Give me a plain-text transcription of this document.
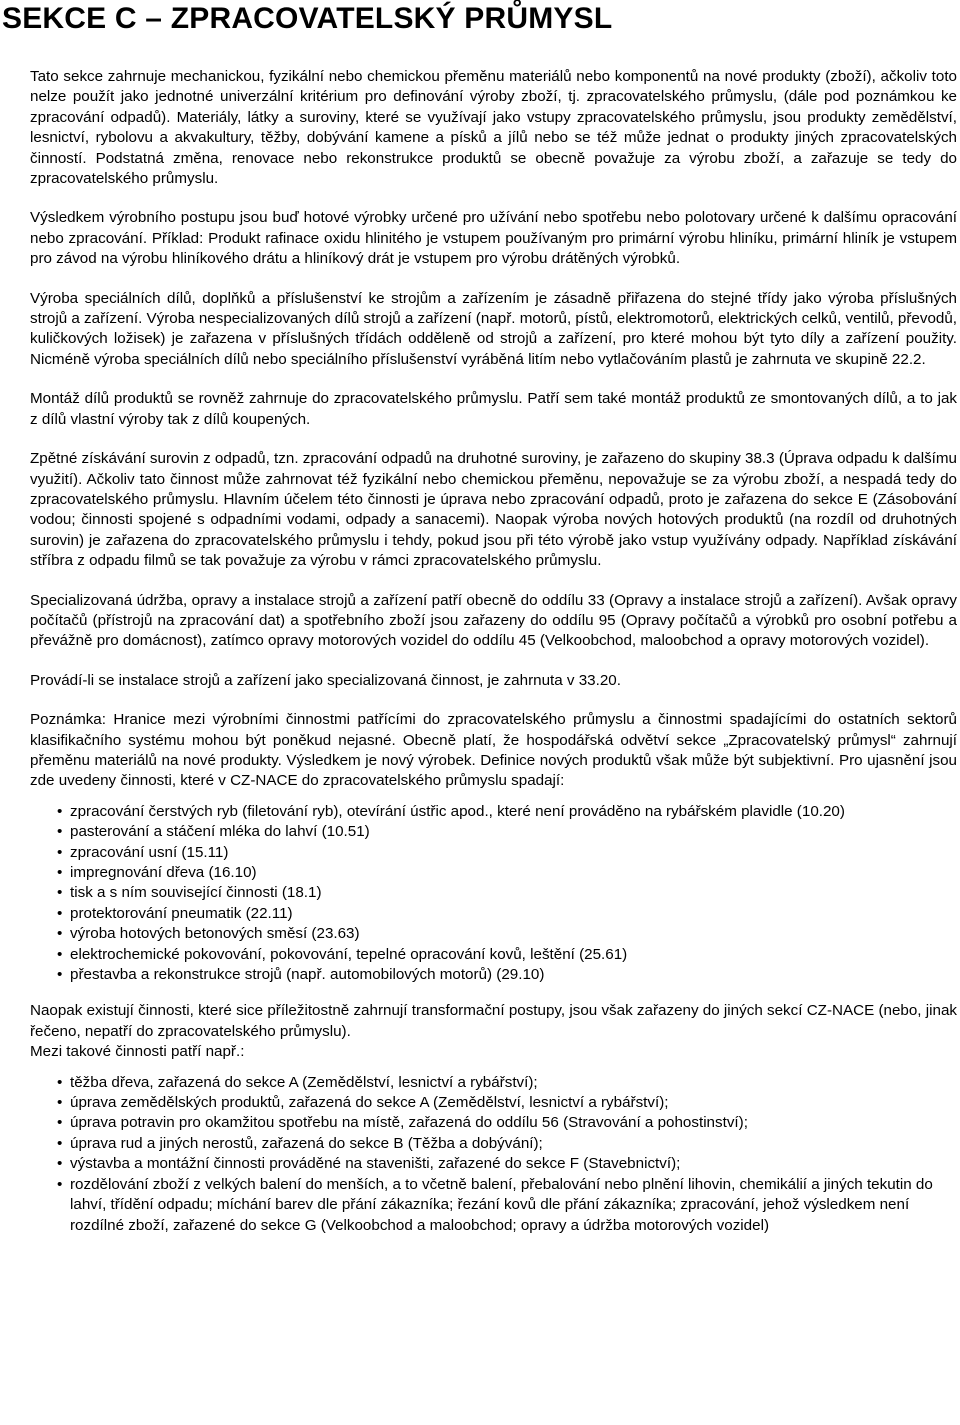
SEKCE C – ZPRACOVATELSKÝ PRŮMYSL

Tato sekce zahrnuje mechanickou, fyzikální nebo chemickou přeměnu materiálů nebo komponentů na nové produkty (zboží), ačkoliv toto nelze použít jako jednotné univerzální kritérium pro definování výroby zboží, tj. zpracovatelského průmyslu, (dále pod poznámkou ke zpracování odpadů). Materiály, látky a suroviny, které se využívají jako vstupy zpracovatelského průmyslu, jsou produkty zemědělství, lesnictví, rybolovu a akvakultury, těžby, dobývání kamene a písků a jílů nebo se též může jednat o produkty jiných zpracovatelských činností. Podstatná změna, renovace nebo rekonstrukce produktů se obecně považuje za výrobu zboží, a zařazuje se tedy do zpracovatelského průmyslu.

Výsledkem výrobního postupu jsou buď hotové výrobky určené pro užívání nebo spotřebu nebo polotovary určené k dalšímu opracování nebo zpracování. Příklad: Produkt rafinace oxidu hlinitého je vstupem používaným pro primární výrobu hliníku, primární hliník je vstupem pro závod na výrobu hliníkového drátu a hliníkový drát je vstupem pro výrobu drátěných výrobků.

Výroba speciálních dílů, doplňků a příslušenství ke strojům a zařízením je zásadně přiřazena do stejné třídy jako výroba příslušných strojů a zařízení. Výroba nespecializovaných dílů strojů a zařízení (např. motorů, pístů, elektromotorů, elektrických celků, ventilů, převodů, kuličkových ložisek) je zařazena v příslušných třídách odděleně od strojů a zařízení, pro které mohou být tyto díly a zařízení použity. Nicméně výroba speciálních dílů nebo speciálního příslušenství vyráběná litím nebo vytlačováním plastů je zahrnuta ve skupině 22.2.

Montáž dílů produktů se rovněž zahrnuje do zpracovatelského průmyslu. Patří sem také montáž produktů ze smontovaných dílů, a to jak z dílů vlastní výroby tak z dílů koupených.

Zpětné získávání surovin z odpadů, tzn. zpracování odpadů na druhotné suroviny, je zařazeno do skupiny 38.3 (Úprava odpadu k dalšímu využití). Ačkoliv tato činnost může zahrnovat též fyzikální nebo chemickou přeměnu, nepovažuje se za výrobu zboží, a nespadá tedy do zpracovatelského průmyslu. Hlavním účelem této činnosti je úprava nebo zpracování odpadů, proto je zařazena do sekce E (Zásobování vodou; činnosti spojené s odpadními vodami, odpady a sanacemi). Naopak výroba nových hotových produktů (na rozdíl od druhotných surovin) je zařazena do zpracovatelského průmyslu i tehdy, pokud jsou při této výrobě jako vstup využívány odpady. Například získávání stříbra z odpadu filmů se tak považuje za výrobu v rámci zpracovatelského průmyslu.

Specializovaná údržba, opravy a instalace strojů a zařízení patří obecně do oddílu 33 (Opravy a instalace strojů a zařízení). Avšak opravy počítačů (přístrojů na zpracování dat) a spotřebního zboží jsou zařazeny do oddílu 95 (Opravy počítačů a výrobků pro osobní potřebu a převážně pro domácnost), zatímco opravy motorových vozidel do oddílu 45 (Velkoobchod, maloobchod a opravy motorových vozidel).

Provádí-li se instalace strojů a zařízení jako specializovaná činnost, je zahrnuta v 33.20.

Poznámka: Hranice mezi výrobními činnostmi patřícími do zpracovatelského průmyslu a činnostmi spadajícími do ostatních sektorů klasifikačního systému mohou být poněkud nejasné. Obecně platí, že hospodářská odvětví sekce „Zpracovatelský průmysl“ zahrnují přeměnu materiálů na nové produkty. Výsledkem je nový výrobek. Definice nových produktů však může být subjektivní. Pro ujasnění jsou zde uvedeny činnosti, které v CZ-NACE do zpracovatelského průmyslu spadají:

• zpracování čerstvých ryb (filetování ryb), otevírání ústřic apod., které není prováděno na rybářském plavidle (10.20)
• pasterování a stáčení mléka do lahví (10.51)
• zpracování usní (15.11)
• impregnování dřeva (16.10)
• tisk a s ním související činnosti (18.1)
• protektorování pneumatik (22.11)
• výroba hotových betonových směsí (23.63)
• elektrochemické pokovování, pokovování, tepelné opracování kovů, leštění (25.61)
• přestavba a rekonstrukce strojů (např. automobilových motorů) (29.10)

Naopak existují činnosti, které sice příležitostně zahrnují transformační postupy, jsou však zařazeny do jiných sekcí CZ-NACE (nebo, jinak řečeno, nepatří do zpracovatelského průmyslu).

Mezi takové činnosti patří např.:

• těžba dřeva, zařazená do sekce A (Zemědělství, lesnictví a rybářství);
• úprava zemědělských produktů, zařazená do sekce A (Zemědělství, lesnictví a rybářství);
• úprava potravin pro okamžitou spotřebu na místě, zařazená do oddílu 56 (Stravování a pohostinství);
• úprava rud a jiných nerostů, zařazená do sekce B (Těžba a dobývání);
• výstavba a montážní činnosti prováděné na staveništi, zařazené do sekce F (Stavebnictví);
• rozdělování zboží z velkých balení do menších, a to včetně balení, přebalování nebo plnění lihovin, chemikálií a jiných tekutin do lahví, třídění odpadu; míchání barev dle přání zákazníka; řezání kovů dle přání zákazníka; zpracování, jehož výsledkem není rozdílné zboží, zařazené do sekce G (Velkoobchod a maloobchod; opravy a údržba motorových vozidel)
